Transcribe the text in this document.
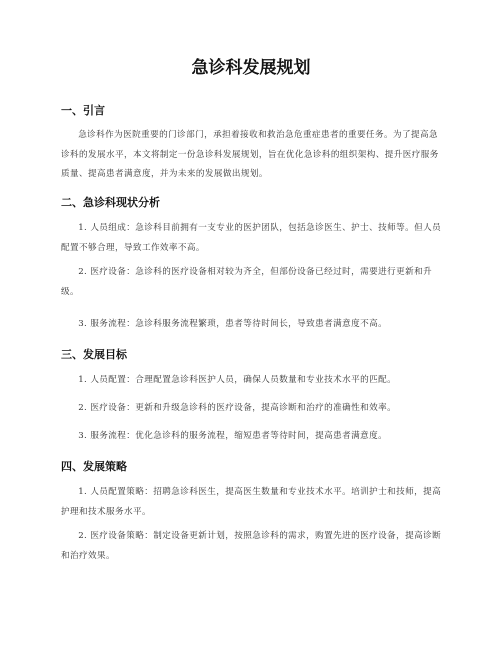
急诊科发展规划
一、引言
急诊科作为医院重要的门诊部门，承担着接收和救治急危重症患者的重要任务。为了提高急诊科的发展水平，本文将制定一份急诊科发展规划，旨在优化急诊科的组织架构、提升医疗服务质量、提高患者满意度，并为未来的发展做出规划。
二、急诊科现状分析
1. 人员组成：急诊科目前拥有一支专业的医护团队，包括急诊医生、护士、技师等。但人员配置不够合理，导致工作效率不高。
2. 医疗设备：急诊科的医疗设备相对较为齐全，但部份设备已经过时，需要进行更新和升级。
3. 服务流程：急诊科服务流程繁琐，患者等待时间长，导致患者满意度不高。
三、发展目标
1. 人员配置：合理配置急诊科医护人员，确保人员数量和专业技术水平的匹配。
2. 医疗设备：更新和升级急诊科的医疗设备，提高诊断和治疗的准确性和效率。
3. 服务流程：优化急诊科的服务流程，缩短患者等待时间，提高患者满意度。
四、发展策略
1. 人员配置策略：招聘急诊科医生，提高医生数量和专业技术水平。培训护士和技师，提高护理和技术服务水平。
2. 医疗设备策略：制定设备更新计划，按照急诊科的需求，购置先进的医疗设备，提高诊断和治疗效果。
